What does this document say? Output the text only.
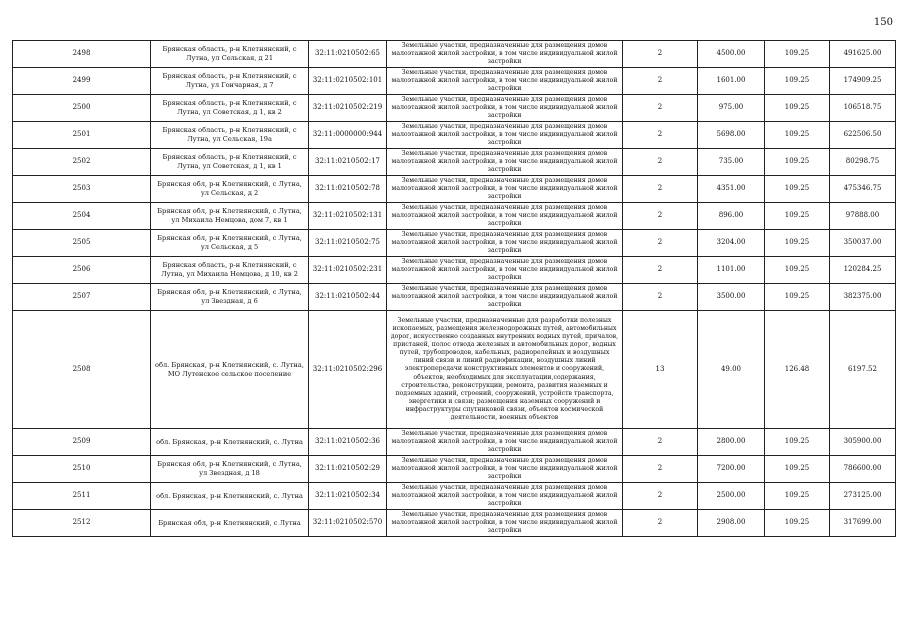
150
2498	Брянская область, р-н Клетнянский, с Лутна, ул Сельская, д 21	32:11:0210502:65	Земельные участки, предназначенные для размещения домов малоэтажной жилой застройки, в том числе индивидуальной жилой застройки	2	4500.00	109.25	491625.00
2499	Брянская область, р-н Клетнянский, с Лутна, ул Гончарная, д 7	32:11:0210502:101	Земельные участки, предназначенные для размещения домов малоэтажной жилой застройки, в том числе индивидуальной жилой застройки	2	1601.00	109.25	174909.25
2500	Брянская область, р-н Клетнянский, с Лутна, ул Советская, д 1, кв 2	32:11:0210502:219	Земельные участки, предназначенные для размещения домов малоэтажной жилой застройки, в том числе индивидуальной жилой застройки	2	975.00	109.25	106518.75
2501	Брянская область, р-н Клетнянский, с Лутна, ул Сельская, 19а	32:11:0000000:944	Земельные участки, предназначенные для размещения домов малоэтажной жилой застройки, в том числе индивидуальной жилой застройки	2	5698.00	109.25	622506.50
2502	Брянская область, р-н Клетнянский, с Лутна, ул Советская, д 1, кв 1	32:11:0210502:17	Земельные участки, предназначенные для размещения домов малоэтажной жилой застройки, в том числе индивидуальной жилой застройки	2	735.00	109.25	80298.75
2503	Брянская обл, р-н Клетнянский, с Лутна, ул Сельская, д 2	32:11:0210502:78	Земельные участки, предназначенные для размещения домов малоэтажной жилой застройки, в том числе индивидуальной жилой застройки	2	4351.00	109.25	475346.75
2504	Брянская обл, р-н Клетнянский, с Лутна, ул Михаила Немцова, дом 7, кв 1	32:11:0210502:131	Земельные участки, предназначенные для размещения домов малоэтажной жилой застройки, в том числе индивидуальной жилой застройки	2	896.00	109.25	97888.00
2505	Брянская обл, р-н Клетнянский, с Лутна, ул Сельская, д 5	32:11:0210502:75	Земельные участки, предназначенные для размещения домов малоэтажной жилой застройки, в том числе индивидуальной жилой застройки	2	3204.00	109.25	350037.00
2506	Брянская область, р-н Клетнянский, с Лутна, ул Михаила Немцова, д 10, кв 2	32:11:0210502:231	Земельные участки, предназначенные для размещения домов малоэтажной жилой застройки, в том числе индивидуальной жилой застройки	2	1101.00	109.25	120284.25
2507	Брянская обл, р-н Клетнянский, с Лутна, ул Звездная, д 6	32:11:0210502:44	Земельные участки, предназначенные для размещения домов малоэтажной жилой застройки, в том числе индивидуальной жилой застройки	2	3500.00	109.25	382375.00
2508	обл. Брянская, р-н Клетнянский, с. Лутна, МО Лутенское сельское поселение	32:11:0210502:296	Земельные участки, предназначенные для разработки полезных ископаемых, размещения железнодорожных путей, автомобильных дорог, искусственно созданных внутренних водных путей, причалов, пристаней, полос отвода железных и автомобильных дорог, водных путей, трубопроводов, кабельных, радиорелейных и воздушных линий связи и линий радиофикации, воздушных линий электропередачи конструктивных элементов и сооружений, объектов, необходимых для эксплуатации,содержания, строительства, реконструкции, ремонта, развития наземных и подземных зданий, строений, сооружений, устройств транспорта, энергетики и связи; размещения наземных сооружений и инфраструктуры спутниковой связи, объектов космической деятельности, военных объектов	13	49.00	126.48	6197.52
2509	обл. Брянская, р-н Клетнянский, с. Лутна	32:11:0210502:36	Земельные участки, предназначенные для размещения домов малоэтажной жилой застройки, в том числе индивидуальной жилой застройки	2	2800.00	109.25	305900.00
2510	Брянская обл, р-н Клетнянский, с Лутна, ул Звездная, д 18	32:11:0210502:29	Земельные участки, предназначенные для размещения домов малоэтажной жилой застройки, в том числе индивидуальной жилой застройки	2	7200.00	109.25	786600.00
2511	обл. Брянская, р-н Клетнянский, с. Лутна	32:11:0210502:34	Земельные участки, предназначенные для размещения домов малоэтажной жилой застройки, в том числе индивидуальной жилой застройки	2	2500.00	109.25	273125.00
2512	Брянская обл, р-н Клетнянский, с Лутна	32:11:0210502:570	Земельные участки, предназначенные для размещения домов малоэтажной жилой застройки, в том числе индивидуальной жилой застройки	2	2908.00	109.25	317699.00
